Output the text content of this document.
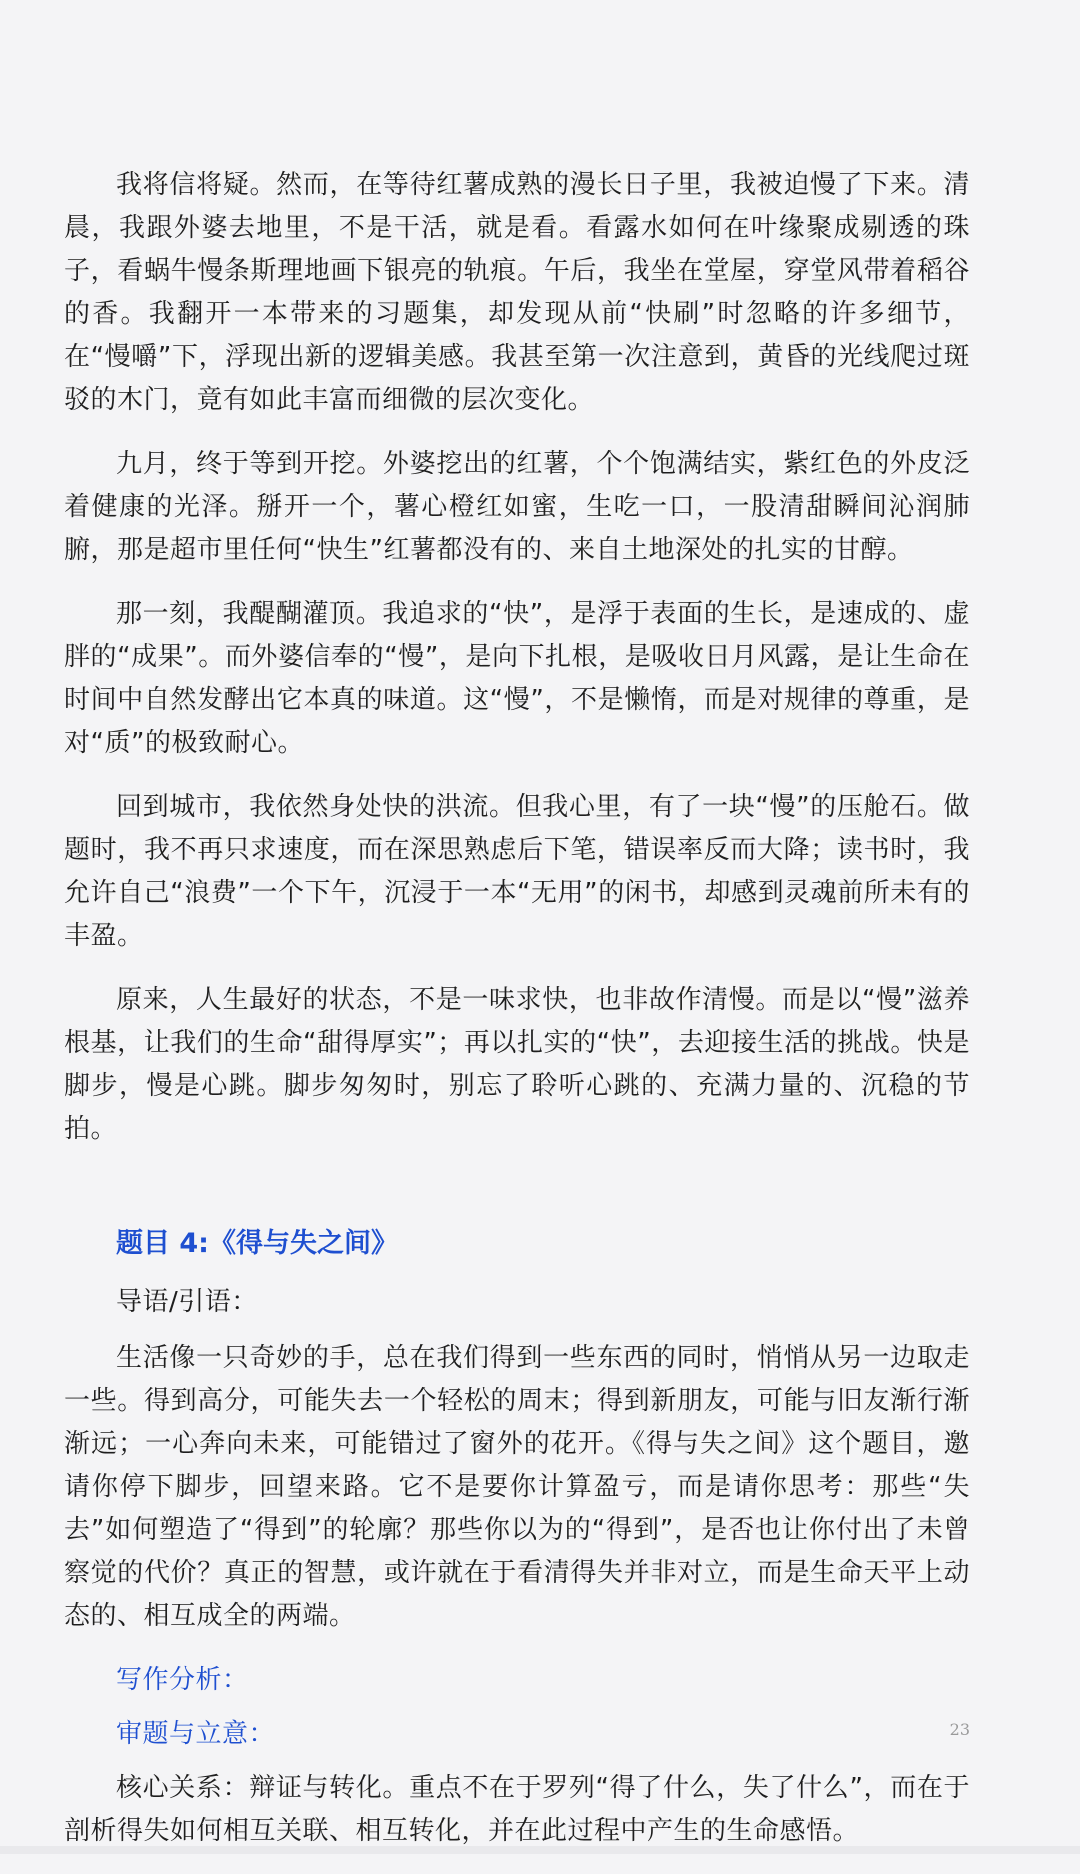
我将信将疑。然而，在等待红薯成熟的漫长日子里，我被迫慢了下来。清晨，我跟外婆去地里，不是干活，就是看。看露水如何在叶缘聚成剔透的珠子，看蜗牛慢条斯理地画下银亮的轨痕。午后，我坐在堂屋，穿堂风带着稻谷的香。我翻开一本带来的习题集，却发现从前“快刷”时忽略的许多细节，在“慢嚼”下，浮现出新的逻辑美感。我甚至第一次注意到，黄昏的光线爬过斑驳的木门，竟有如此丰富而细微的层次变化。

九月，终于等到开挖。外婆挖出的红薯，个个饱满结实，紫红色的外皮泛着健康的光泽。掰开一个，薯心橙红如蜜，生吃一口，一股清甜瞬间沁润肺腑，那是超市里任何“快生”红薯都没有的、来自土地深处的扎实的甘醇。

那一刻，我醍醐灌顶。我追求的“快”，是浮于表面的生长，是速成的、虚胖的“成果”。而外婆信奉的“慢”，是向下扎根，是吸收日月风露，是让生命在时间中自然发酵出它本真的味道。这“慢”，不是懒惰，而是对规律的尊重，是对“质”的极致耐心。

回到城市，我依然身处快的洪流。但我心里，有了一块“慢”的压舱石。做题时，我不再只求速度，而在深思熟虑后下笔，错误率反而大降；读书时，我允许自己“浪费”一个下午，沉浸于一本“无用”的闲书，却感到灵魂前所未有的丰盈。

原来，人生最好的状态，不是一味求快，也非故作清慢。而是以“慢”滋养根基，让我们的生命“甜得厚实”；再以扎实的“快”，去迎接生活的挑战。快是脚步，慢是心跳。脚步匆匆时，别忘了聆听心跳的、充满力量的、沉稳的节拍。

题目 4:《得与失之间》
导语/引语：

生活像一只奇妙的手，总在我们得到一些东西的同时，悄悄从另一边取走一些。得到高分，可能失去一个轻松的周末；得到新朋友，可能与旧友渐行渐渐远；一心奔向未来，可能错过了窗外的花开。《得与失之间》这个题目，邀请你停下脚步，回望来路。它不是要你计算盈亏，而是请你思考：那些“失去”如何塑造了“得到”的轮廓？那些你以为的“得到”，是否也让你付出了未曾察觉的代价？真正的智慧，或许就在于看清得失并非对立，而是生命天平上动态的、相互成全的两端。

写作分析：
审题与立意：

核心关系：辩证与转化。重点不在于罗列“得了什么，失了什么”，而在于剖析得失如何相互关联、相互转化，并在此过程中产生的生命感悟。

23
